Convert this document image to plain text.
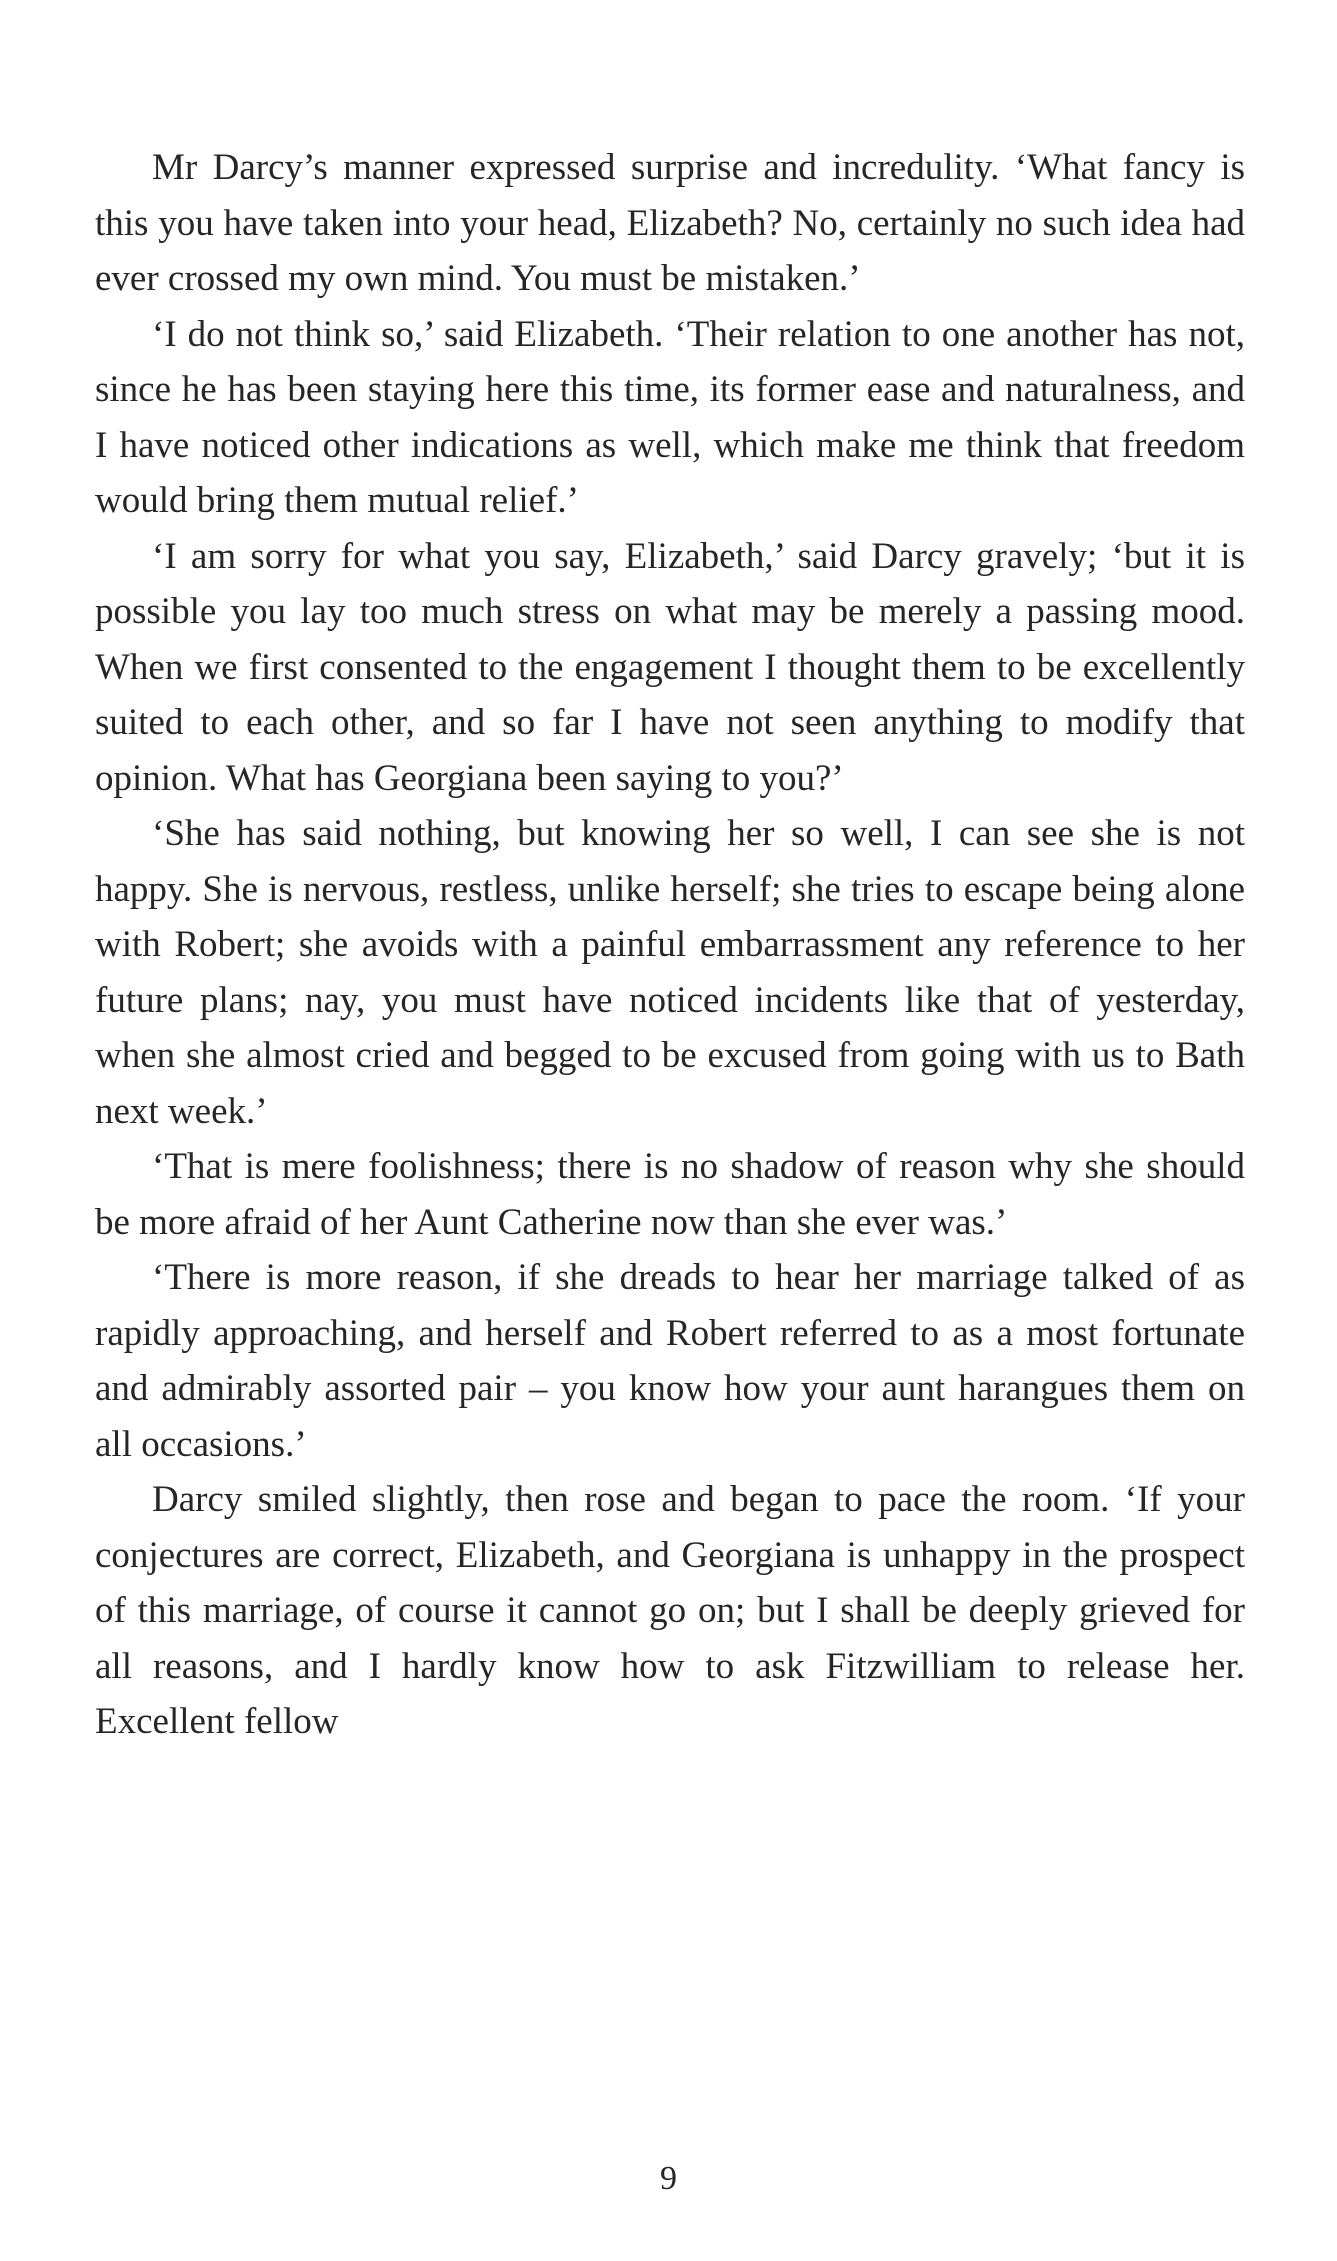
Mr Darcy’s manner expressed surprise and incredulity. ‘What fancy is this you have taken into your head, Elizabeth? No, certainly no such idea had ever crossed my own mind. You must be mistaken.’

‘I do not think so,’ said Elizabeth. ‘Their relation to one another has not, since he has been staying here this time, its former ease and naturalness, and I have noticed other indications as well, which make me think that freedom would bring them mutual relief.’

‘I am sorry for what you say, Elizabeth,’ said Darcy gravely; ‘but it is possible you lay too much stress on what may be merely a passing mood. When we first consented to the engagement I thought them to be excellently suited to each other, and so far I have not seen anything to modify that opinion. What has Georgiana been saying to you?’

‘She has said nothing, but knowing her so well, I can see she is not happy. She is nervous, restless, unlike herself; she tries to escape being alone with Robert; she avoids with a painful embarrassment any reference to her future plans; nay, you must have noticed incidents like that of yesterday, when she almost cried and begged to be excused from going with us to Bath next week.’

‘That is mere foolishness; there is no shadow of reason why she should be more afraid of her Aunt Catherine now than she ever was.’

‘There is more reason, if she dreads to hear her marriage talked of as rapidly approaching, and herself and Robert referred to as a most fortunate and admirably assorted pair – you know how your aunt harangues them on all occasions.’

Darcy smiled slightly, then rose and began to pace the room. ‘If your conjectures are correct, Elizabeth, and Georgiana is unhappy in the prospect of this marriage, of course it cannot go on; but I shall be deeply grieved for all reasons, and I hardly know how to ask Fitzwilliam to release her. Excellent fellow

9
